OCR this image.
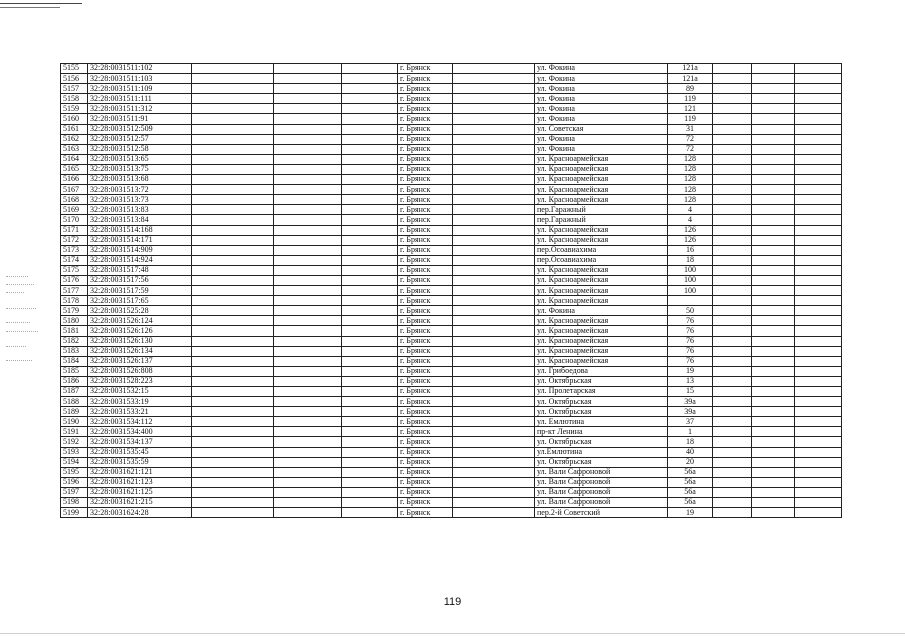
5155	32:28:0031511:102				г. Брянск		ул. Фокина	121а			
5156	32:28:0031511:103				г. Брянск		ул. Фокина	121а			
5157	32:28:0031511:109				г. Брянск		ул. Фокина	89			
5158	32:28:0031511:111				г. Брянск		ул. Фокина	119			
5159	32:28:0031511:312				г. Брянск		ул. Фокина	121			
5160	32:28:0031511:91				г. Брянск		ул. Фокина	119			
5161	32:28:0031512:509				г. Брянск		ул. Советская	31			
5162	32:28:0031512:57				г. Брянск		ул. Фокина	72			
5163	32:28:0031512:58				г. Брянск		ул. Фокина	72			
5164	32:28:0031513:65				г. Брянск		ул. Красноармейская	128			
5165	32:28:0031513:75				г. Брянск		ул. Красноармейская	128			
5166	32:28:0031513:68				г. Брянск		ул. Красноармейская	128			
5167	32:28:0031513:72				г. Брянск		ул. Красноармейская	128			
5168	32:28:0031513:73				г. Брянск		ул. Красноармейская	128			
5169	32:28:0031513:83				г. Брянск		пер.Гаражный	4			
5170	32:28:0031513:84				г. Брянск		пер.Гаражный	4			
5171	32:28:0031514:168				г. Брянск		ул. Красноармейская	126			
5172	32:28:0031514:171				г. Брянск		ул. Красноармейская	126			
5173	32:28:0031514:909				г. Брянск		пер.Осоавиахима	16			
5174	32:28:0031514:924				г. Брянск		пер.Осоавиахима	18			
5175	32:28:0031517:48				г. Брянск		ул. Красноармейская	100			
5176	32:28:0031517:56				г. Брянск		ул. Красноармейская	100			
5177	32:28:0031517:59				г. Брянск		ул. Красноармейская	100			
5178	32:28:0031517:65				г. Брянск		ул. Красноармейская				
5179	32:28:0031525:28				г. Брянск		ул. Фокина	50			
5180	32:28:0031526:124				г. Брянск		ул. Красноармейская	76			
5181	32:28:0031526:126				г. Брянск		ул. Красноармейская	76			
5182	32:28:0031526:130				г. Брянск		ул. Красноармейская	76			
5183	32:28:0031526:134				г. Брянск		ул. Красноармейская	76			
5184	32:28:0031526:137				г. Брянск		ул. Красноармейская	76			
5185	32:28:0031526:808				г. Брянск		ул. Грибоедова	19			
5186	32:28:0031528:223				г. Брянск		ул. Октябрьская	13			
5187	32:28:0031532:15				г. Брянск		ул. Пролетарская	15			
5188	32:28:0031533:19				г. Брянск		ул. Октябрьская	39а			
5189	32:28:0031533:21				г. Брянск		ул. Октябрьская	39а			
5190	32:28:0031534:112				г. Брянск		ул. Емлютина	37			
5191	32:28:0031534:400				г. Брянск		пр-кт Ленина	1			
5192	32:28:0031534:137				г. Брянск		ул. Октябрьская	18			
5193	32:28:0031535:45				г. Брянск		ул.Емлютина	40			
5194	32:28:0031535:59				г. Брянск		ул. Октябрьская	20			
5195	32:28:0031621:121				г. Брянск		ул. Вали Сафроновой	56а			
5196	32:28:0031621:123				г. Брянск		ул. Вали Сафроновой	56а			
5197	32:28:0031621:125				г. Брянск		ул. Вали Сафроновой	56а			
5198	32:28:0031621:215				г. Брянск		ул. Вали Сафроновой	56а			
5199	32:28:0031624:28				г. Брянск		пер.2-й Советский	19			
119
